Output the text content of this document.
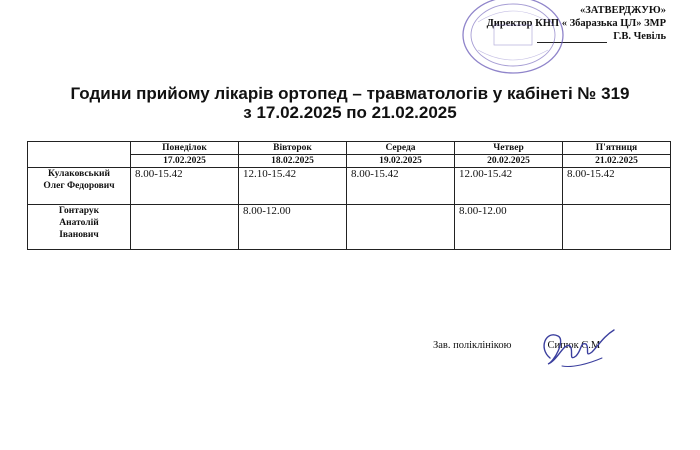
«ЗАТВЕРДЖУЮ»
Директор КНП « Збаразька ЦЛ» ЗМР
Г.В. Чевіль
Години прийому лікарів ортопед – травматологів у кабінеті № 319
з 17.02.2025 по 21.02.2025
	Понеділок	Вівторок	Середа	Четвер	П'ятниця
	17.02.2025	18.02.2025	19.02.2025	20.02.2025	21.02.2025

Кулаковський
Олег Федорович	8.00-15.42	12.10-15.42	8.00-15.42	12.00-15.42	8.00-15.42

Гонтарук
Анатолій
Іванович		8.00-12.00		8.00-12.00	
Зав. поліклінікою	Сипюк С.М
